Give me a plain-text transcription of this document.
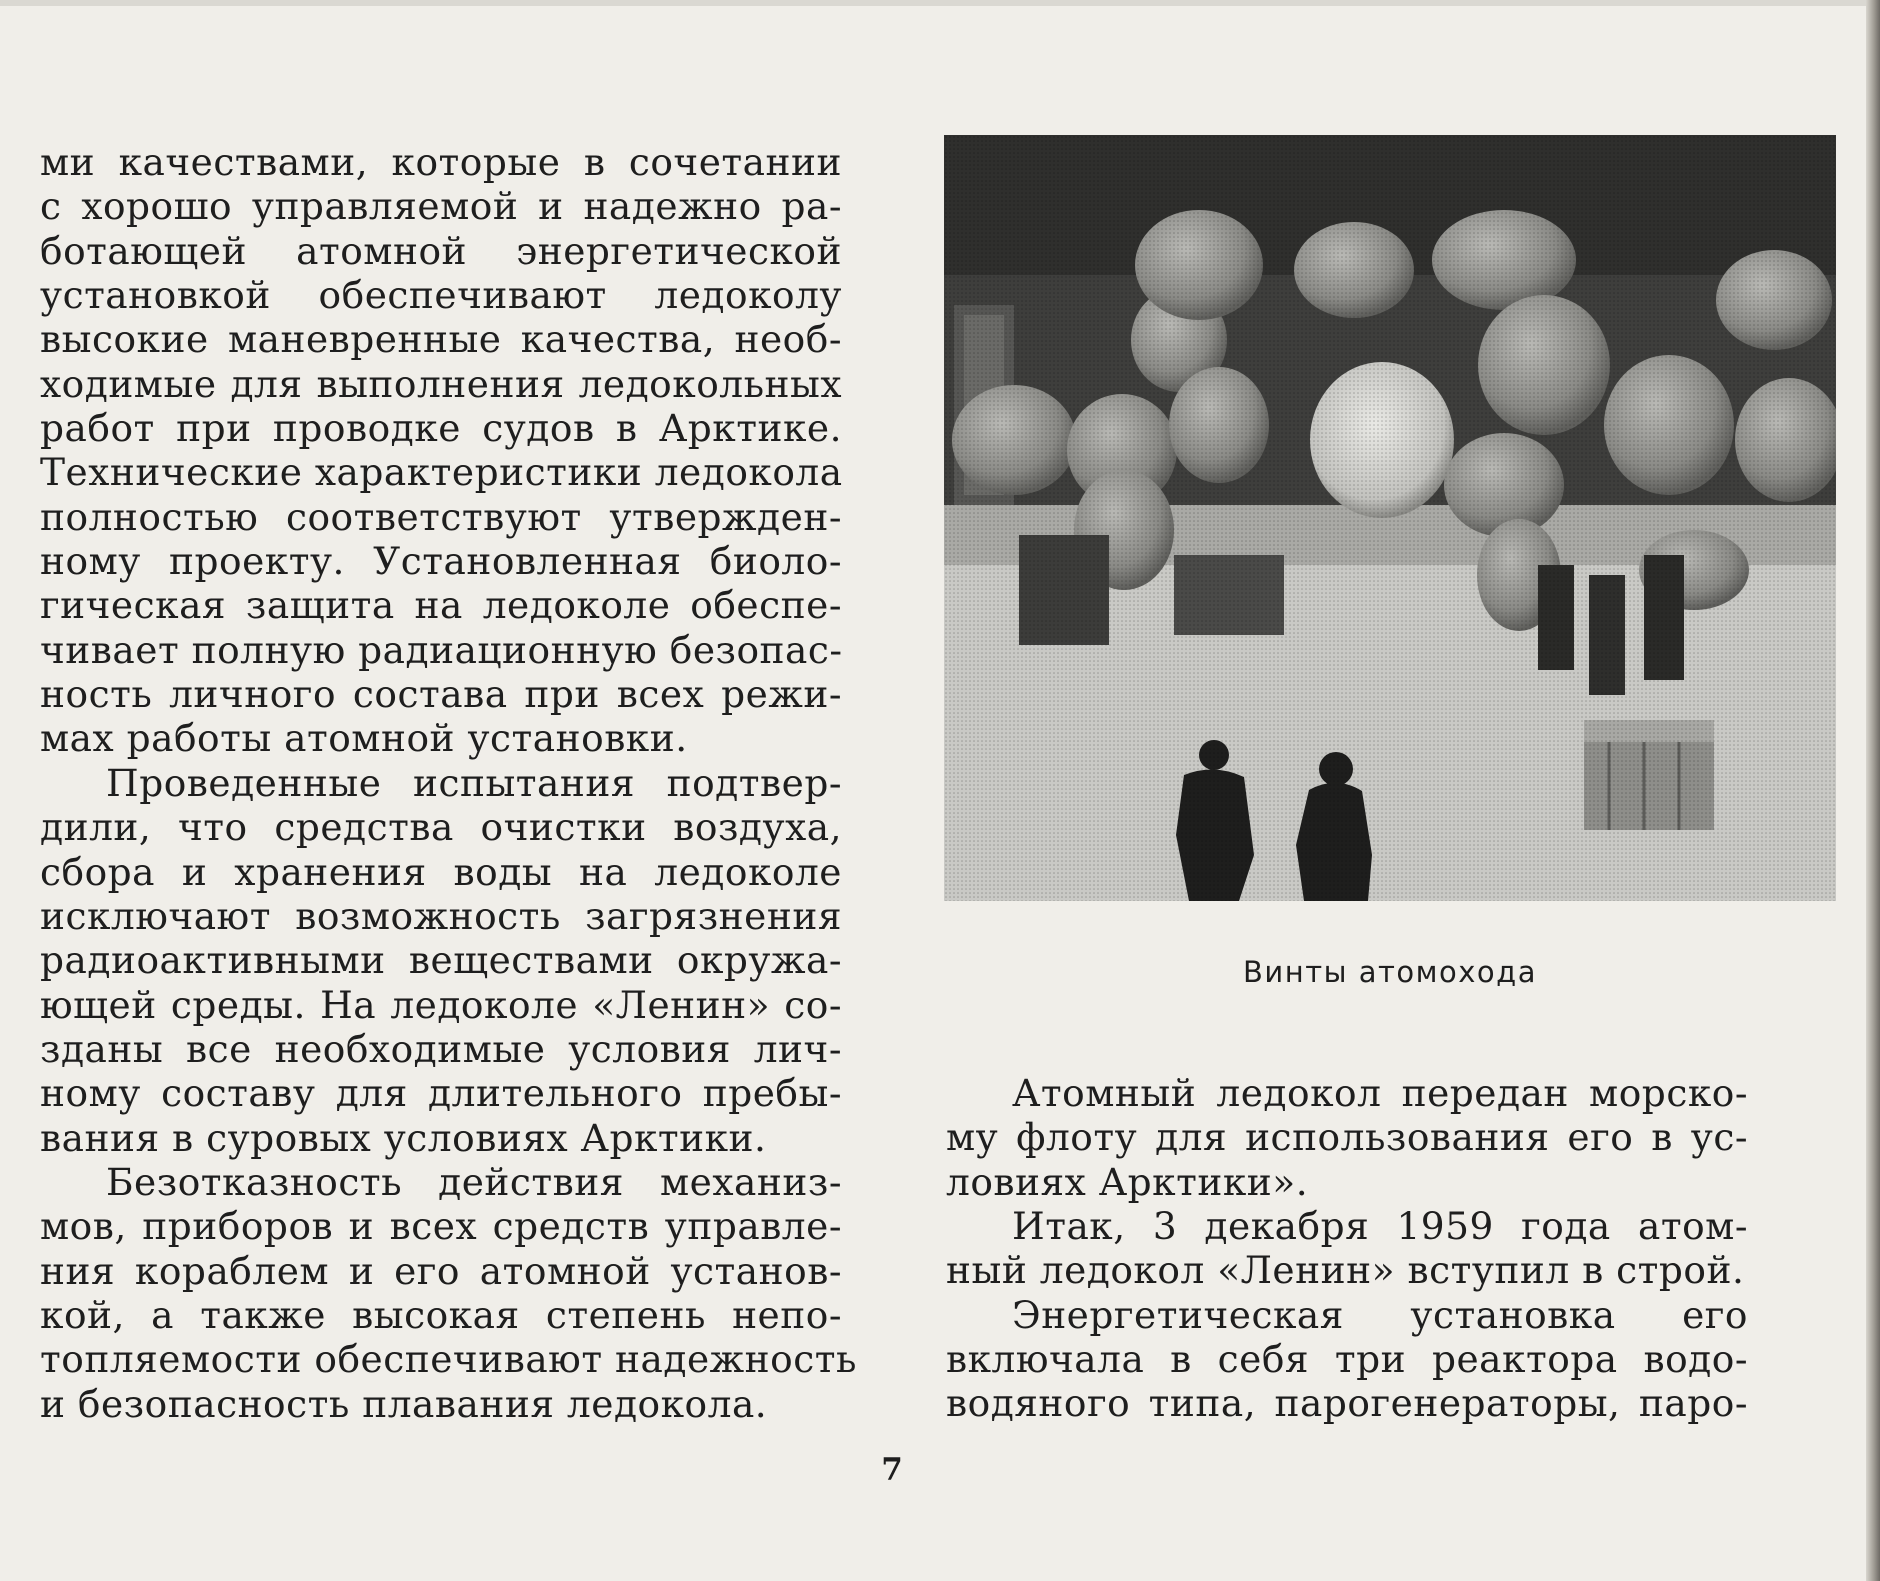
ми качествами, которые в сочетании
с хорошо управляемой и надежно ра-
ботающей атомной энергетической
установкой обеспечивают ледоколу
высокие маневренные качества, необ-
ходимые для выполнения ледокольных
работ при проводке судов в Арктике.
Технические характеристики ледокола
полностью соответствуют утвержден-
ному проекту. Установленная биоло-
гическая защита на ледоколе обеспе-
чивает полную радиационную безопас-
ность личного состава при всех режи-
мах работы атомной установки.
Проведенные испытания подтвер-
дили, что средства очистки воздуха,
сбора и хранения воды на ледоколе
исключают возможность загрязнения
радиоактивными веществами окружа-
ющей среды. На ледоколе «Ленин» со-
зданы все необходимые условия лич-
ному составу для длительного пребы-
вания в суровых условиях Арктики.
Безотказность действия механиз-
мов, приборов и всех средств управле-
ния кораблем и его атомной установ-
кой, а также высокая степень непо-
топляемости обеспечивают надежность
и безопасность плавания ледокола.
Винты атомохода
Атомный ледокол передан морско-
му флоту для использования его в ус-
ловиях Арктики».
Итак, 3 декабря 1959 года атом-
ный ледокол «Ленин» вступил в строй.
Энергетическая установка его
включала в себя три реактора водо-
водяного типа, парогенераторы, паро-
7
